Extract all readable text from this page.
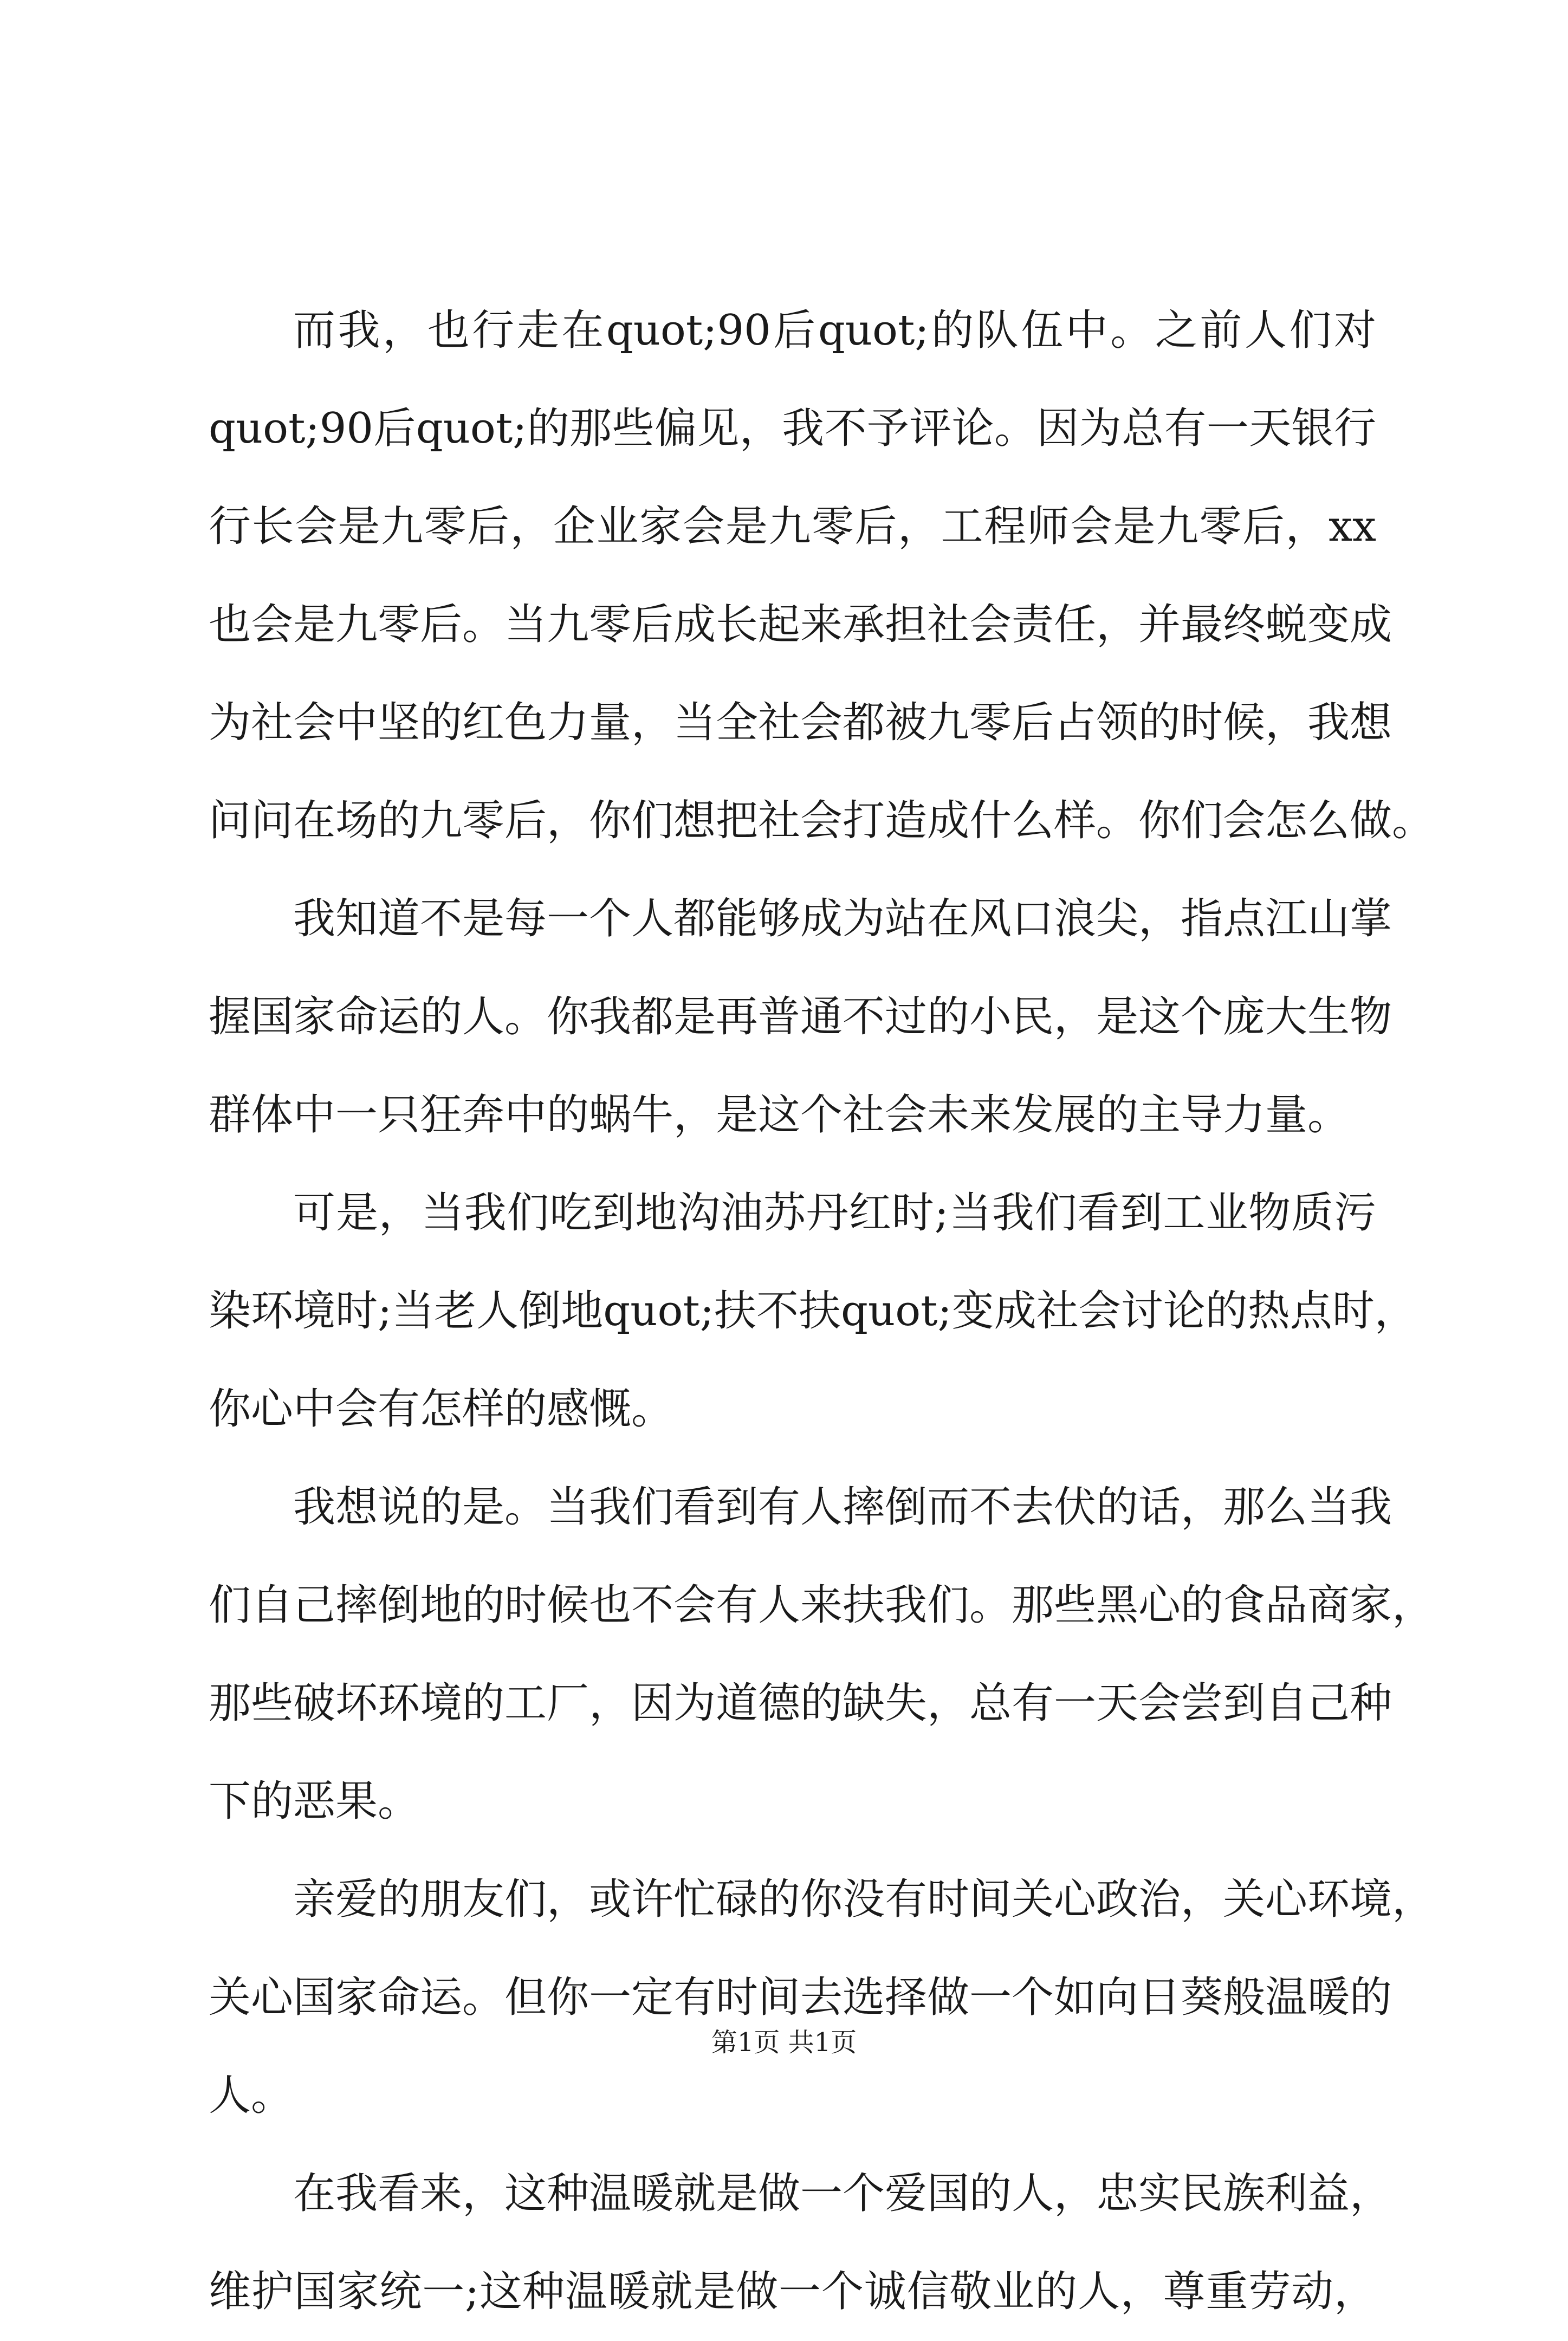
而我，也行走在quot;90后quot;的队伍中。之前人们对
quot;90后quot;的那些偏见，我不予评论。因为总有一天银行
行长会是九零后，企业家会是九零后，工程师会是九零后，xx
也会是九零后。当九零后成长起来承担社会责任，并最终蜕变成
为社会中坚的红色力量，当全社会都被九零后占领的时候，我想
问问在场的九零后，你们想把社会打造成什么样。你们会怎么做。
我知道不是每一个人都能够成为站在风口浪尖，指点江山掌
握国家命运的人。你我都是再普通不过的小民，是这个庞大生物
群体中一只狂奔中的蜗牛，是这个社会未来发展的主导力量。
可是，当我们吃到地沟油苏丹红时;当我们看到工业物质污
染环境时;当老人倒地quot;扶不扶quot;变成社会讨论的热点时，
你心中会有怎样的感慨。
我想说的是。当我们看到有人摔倒而不去伏的话，那么当我
们自己摔倒地的时候也不会有人来扶我们。那些黑心的食品商家，
那些破坏环境的工厂，因为道德的缺失，总有一天会尝到自己种
下的恶果。
亲爱的朋友们，或许忙碌的你没有时间关心政治，关心环境，
关心国家命运。但你一定有时间去选择做一个如向日葵般温暖的
人。
在我看来，这种温暖就是做一个爱国的人，忠实民族利益，
维护国家统一;这种温暖就是做一个诚信敬业的人，尊重劳动，
第1页 共1页
